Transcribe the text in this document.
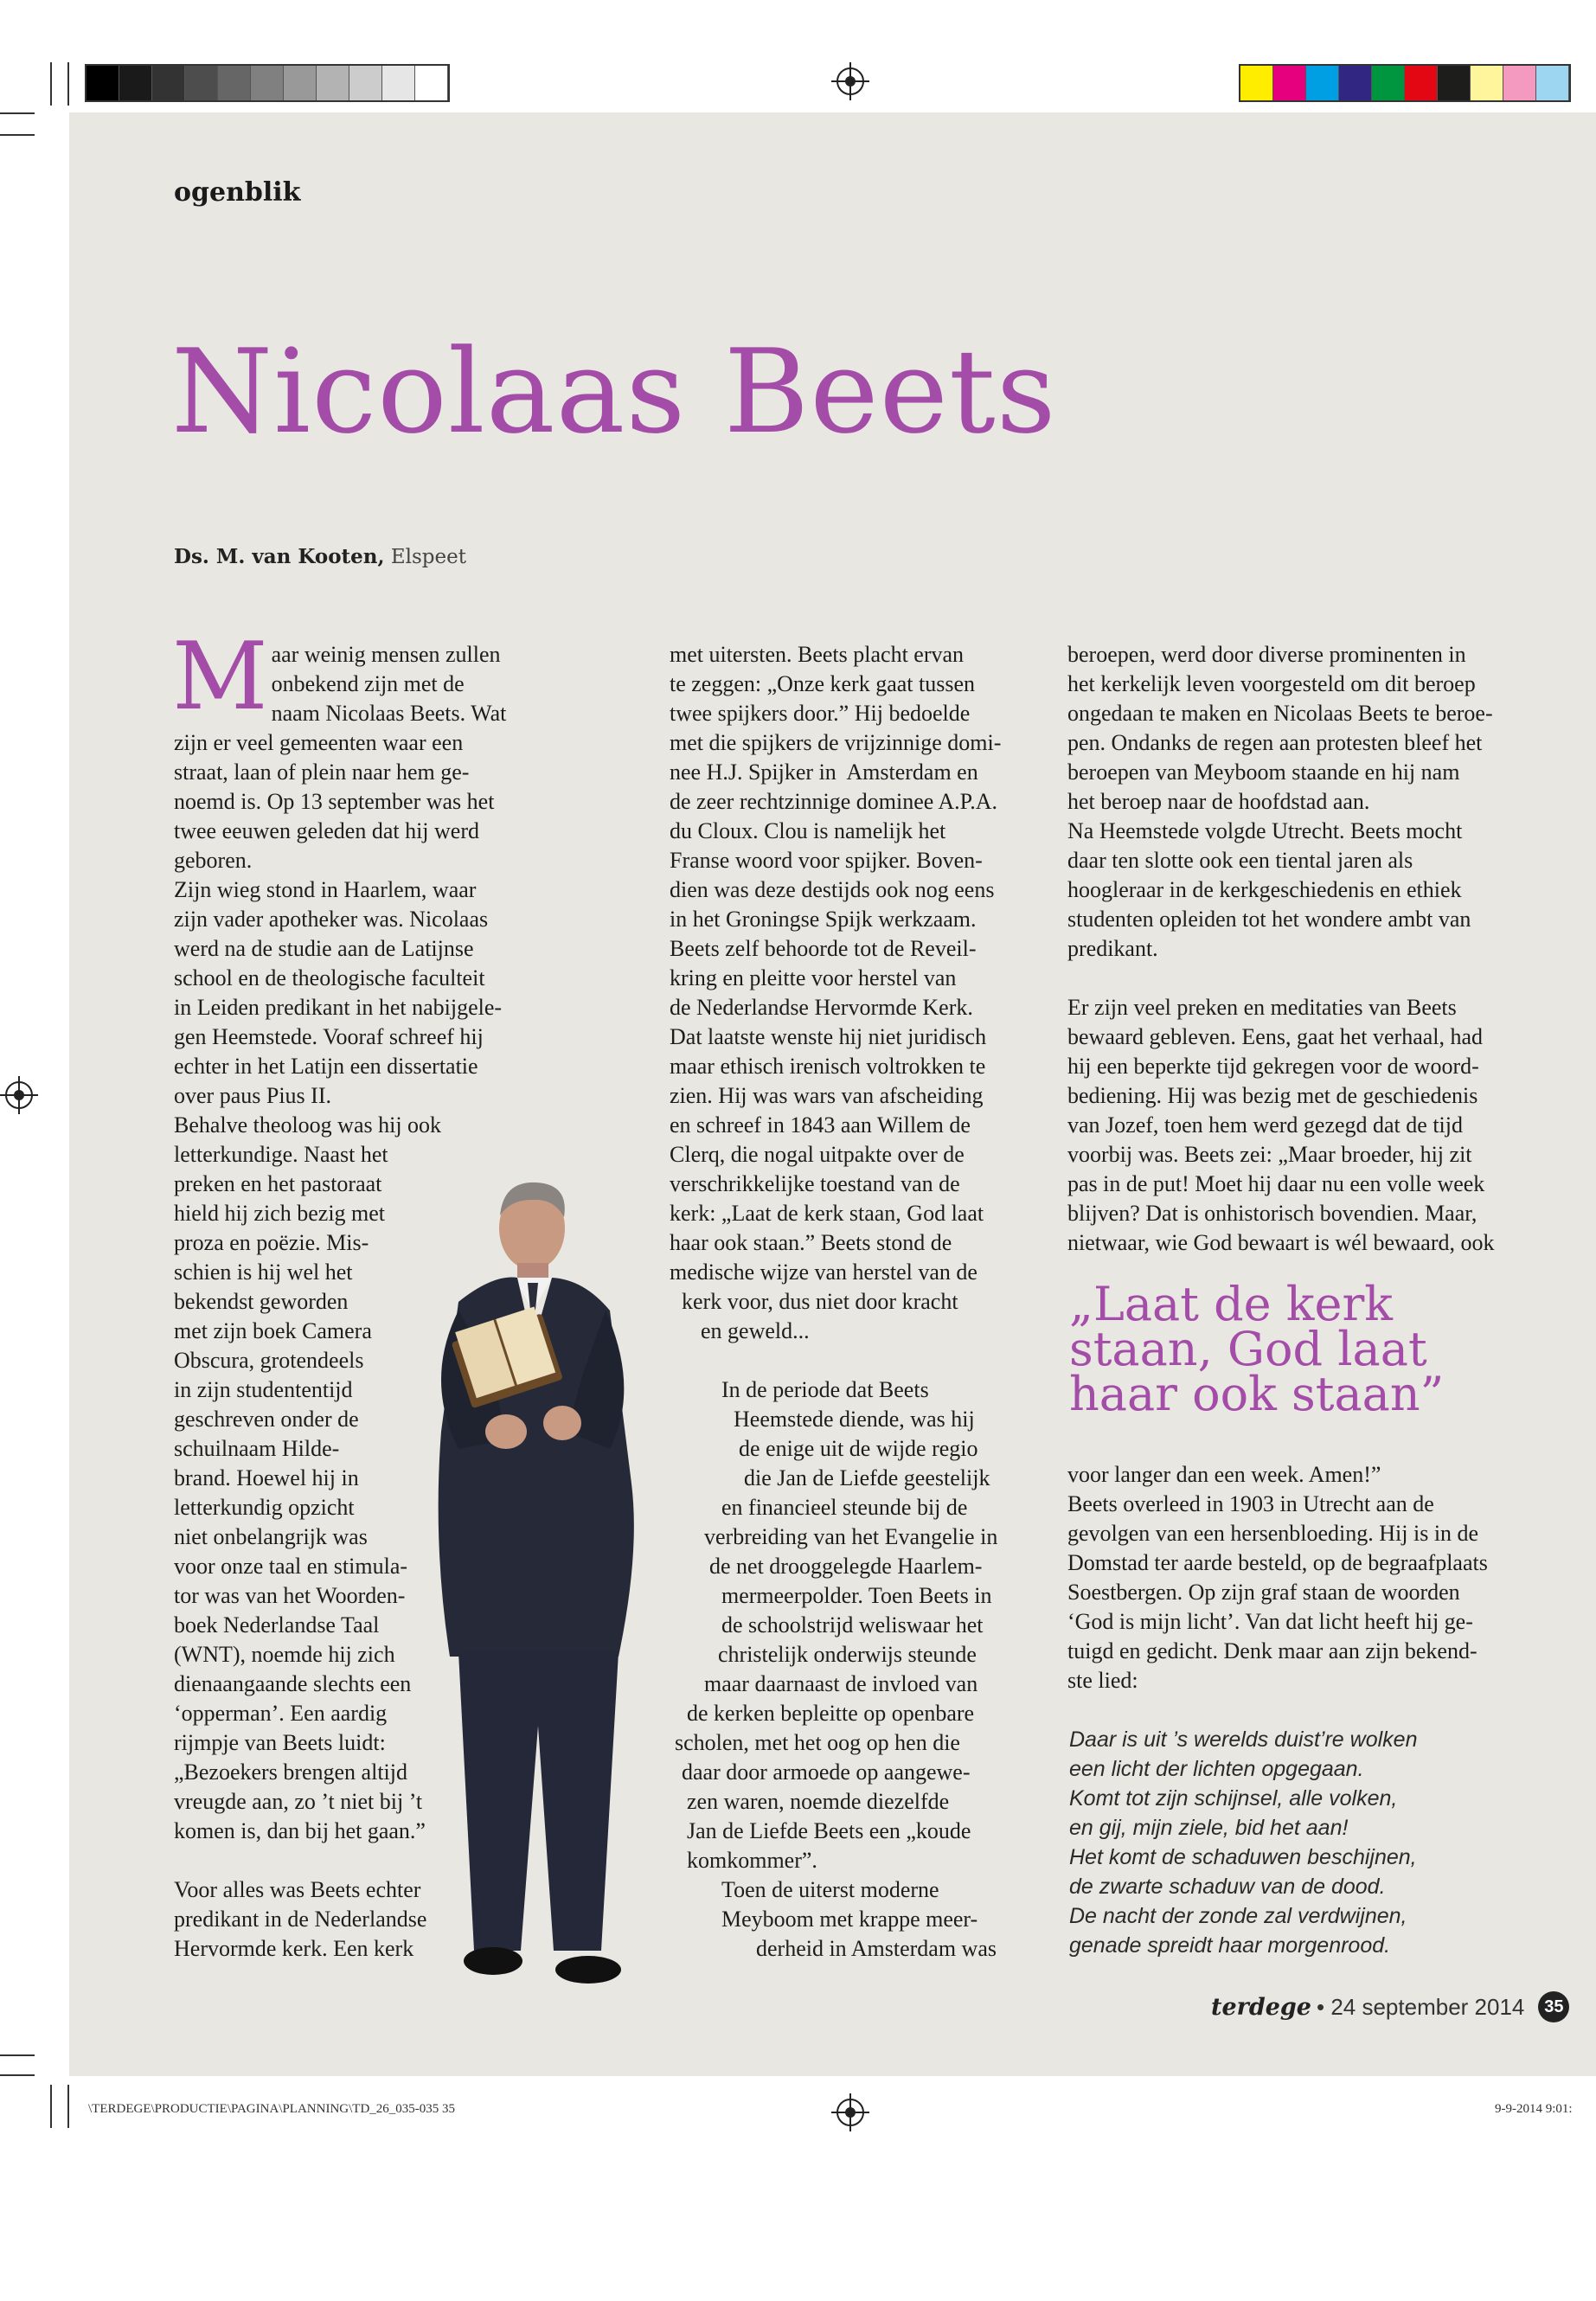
ogenblik
Nicolaas Beets
Ds. M. van Kooten, Elspeet
M aar weinig mensen zullen

onbekend zijn met de

naam Nicolaas Beets. Wat

zijn er veel gemeenten waar een

straat, laan of plein naar hem ge-

noemd is. Op 13 september was het

twee eeuwen geleden dat hij werd

geboren.

Zijn wieg stond in Haarlem, waar

zijn vader apotheker was. Nicolaas

werd na de studie aan de Latijnse

school en de theologische faculteit

in Leiden predikant in het nabijgele-

gen Heemstede. Vooraf schreef hij

echter in het Latijn een dissertatie

over paus Pius II.

Behalve theoloog was hij ook

letterkundige. Naast het

preken en het pastoraat

hield hij zich bezig met

proza en poëzie. Mis-

schien is hij wel het

bekendst geworden

met zijn boek Camera

Obscura, grotendeels

in zijn studententijd

geschreven onder de

schuilnaam Hilde-

brand. Hoewel hij in

letterkundig opzicht

niet onbelangrijk was

voor onze taal en stimula-

tor was van het Woorden-

boek Nederlandse Taal

(WNT), noemde hij zich

dienaangaande slechts een

‘opperman’. Een aardig

rijmpje van Beets luidt:

„Bezoekers brengen altijd

vreugde aan, zo ’t niet bij ’t

komen is, dan bij het gaan.”

Voor alles was Beets echter

predikant in de Nederlandse

Hervormde kerk. Een kerk

met uitersten. Beets placht ervan

te zeggen: „Onze kerk gaat tussen

twee spijkers door.” Hij bedoelde

met die spijkers de vrijzinnige domi-

nee H.J. Spijker in  Amsterdam en

de zeer rechtzinnige dominee A.P.A.

du Cloux. Clou is namelijk het

Franse woord voor spijker. Boven-

dien was deze destijds ook nog eens

in het Groningse Spijk werkzaam.

Beets zelf behoorde tot de Reveil-

kring en pleitte voor herstel van

de Nederlandse Hervormde Kerk.

Dat laatste wenste hij niet juridisch

maar ethisch irenisch voltrokken te

zien. Hij was wars van afscheiding

en schreef in 1843 aan Willem de

Clerq, die nogal uitpakte over de

verschrikkelijke toestand van de

kerk: „Laat de kerk staan, God laat

haar ook staan.” Beets stond de

medische wijze van herstel van de

kerk voor, dus niet door kracht

en geweld...

In de periode dat Beets

Heemstede diende, was hij

de enige uit de wijde regio

die Jan de Liefde geestelijk

en financieel steunde bij de

verbreiding van het Evangelie in

de net drooggelegde Haarlem-

mermeerpolder. Toen Beets in

de schoolstrijd weliswaar het

christelijk onderwijs steunde

maar daarnaast de invloed van

de kerken bepleitte op openbare

scholen, met het oog op hen die

daar door armoede op aangewe-

zen waren, noemde diezelfde

Jan de Liefde Beets een „koude

komkommer”.

Toen de uiterst moderne

Meyboom met krappe meer-

derheid in Amsterdam was

beroepen, werd door diverse prominenten in

het kerkelijk leven voorgesteld om dit beroep

ongedaan te maken en Nicolaas Beets te beroe-

pen. Ondanks de regen aan protesten bleef het

beroepen van Meyboom staande en hij nam

het beroep naar de hoofdstad aan.

Na Heemstede volgde Utrecht. Beets mocht

daar ten slotte ook een tiental jaren als

hoogleraar in de kerkgeschiedenis en ethiek

studenten opleiden tot het wondere ambt van

predikant.

Er zijn veel preken en meditaties van Beets

bewaard gebleven. Eens, gaat het verhaal, had

hij een beperkte tijd gekregen voor de woord-

bediening. Hij was bezig met de geschiedenis

van Jozef, toen hem werd gezegd dat de tijd

voorbij was. Beets zei: „Maar broeder, hij zit

pas in de put! Moet hij daar nu een volle week

blijven? Dat is onhistorisch bovendien. Maar,

nietwaar, wie God bewaart is wél bewaard, ook

„Laat de kerk
staan, God laat
haar ook staan”

voor langer dan een week. Amen!”

Beets overleed in 1903 in Utrecht aan de

gevolgen van een hersenbloeding. Hij is in de

Domstad ter aarde besteld, op de begraafplaats

Soestbergen. Op zijn graf staan de woorden

‘God is mijn licht’. Van dat licht heeft hij ge-

tuigd en gedicht. Denk maar aan zijn bekend-

ste lied:

Daar is uit ’s werelds duist’re wolken
een licht der lichten opgegaan.
Komt tot zijn schijnsel, alle volken,
en gij, mijn ziele, bid het aan!
Het komt de schaduwen beschijnen,
de zwarte schaduw van de dood.
De nacht der zonde zal verdwijnen,
genade spreidt haar morgenrood.
terdege • 24 september 2014	35
\TERDEGE\PRODUCTIE\PAGINA\PLANNING\TD_26_035-035 35	9-9-2014 9:01:
